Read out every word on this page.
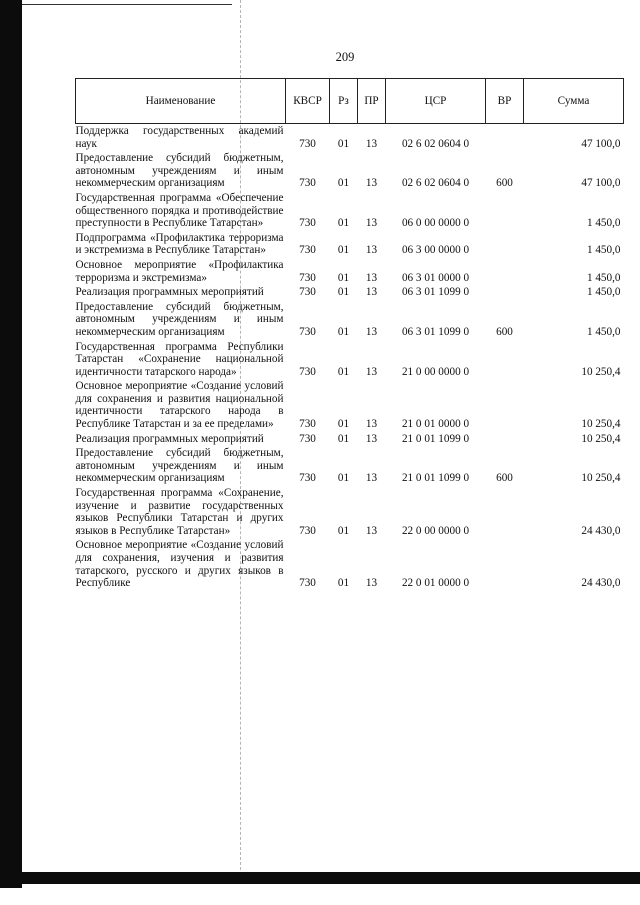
209
Наименование	КВСР	Рз	ПР	ЦСР	ВР	Сумма
Поддержка государственных академий наук	730	01	13	02 6 02 0604 0		47 100,0
Предоставление субсидий бюджетным, автономным учреждениям и иным некоммерческим организациям	730	01	13	02 6 02 0604 0	600	47 100,0
Государственная программа «Обеспечение общественного порядка и противодействие преступности в Республике Татарстан»	730	01	13	06 0 00 0000 0		1 450,0
Подпрограмма «Профилактика терроризма и экстремизма в Республике Татарстан»	730	01	13	06 3 00 0000 0		1 450,0
Основное мероприятие «Профилактика терроризма и экстремизма»	730	01	13	06 3 01 0000 0		1 450,0
Реализация программных мероприятий	730	01	13	06 3 01 1099 0		1 450,0
Предоставление субсидий бюджетным, автономным учреждениям и иным некоммерческим организациям	730	01	13	06 3 01 1099 0	600	1 450,0
Государственная программа Республики Татарстан «Сохранение национальной идентичности татарского народа»	730	01	13	21 0 00 0000 0		10 250,4
Основное мероприятие «Создание условий для сохранения и развития национальной идентичности татарского народа в Республике Татарстан и за ее пределами»	730	01	13	21 0 01 0000 0		10 250,4
Реализация программных мероприятий	730	01	13	21 0 01 1099 0		10 250,4
Предоставление субсидий бюджетным, автономным учреждениям и иным некоммерческим организациям	730	01	13	21 0 01 1099 0	600	10 250,4
Государственная программа «Сохранение, изучение и развитие государственных языков Республики Татарстан и других языков в Республике Татарстан»	730	01	13	22 0 00 0000 0		24 430,0
Основное мероприятие «Создание условий для сохранения, изучения и развития татарского, русского и других языков в Республике	730	01	13	22 0 01 0000 0		24 430,0
